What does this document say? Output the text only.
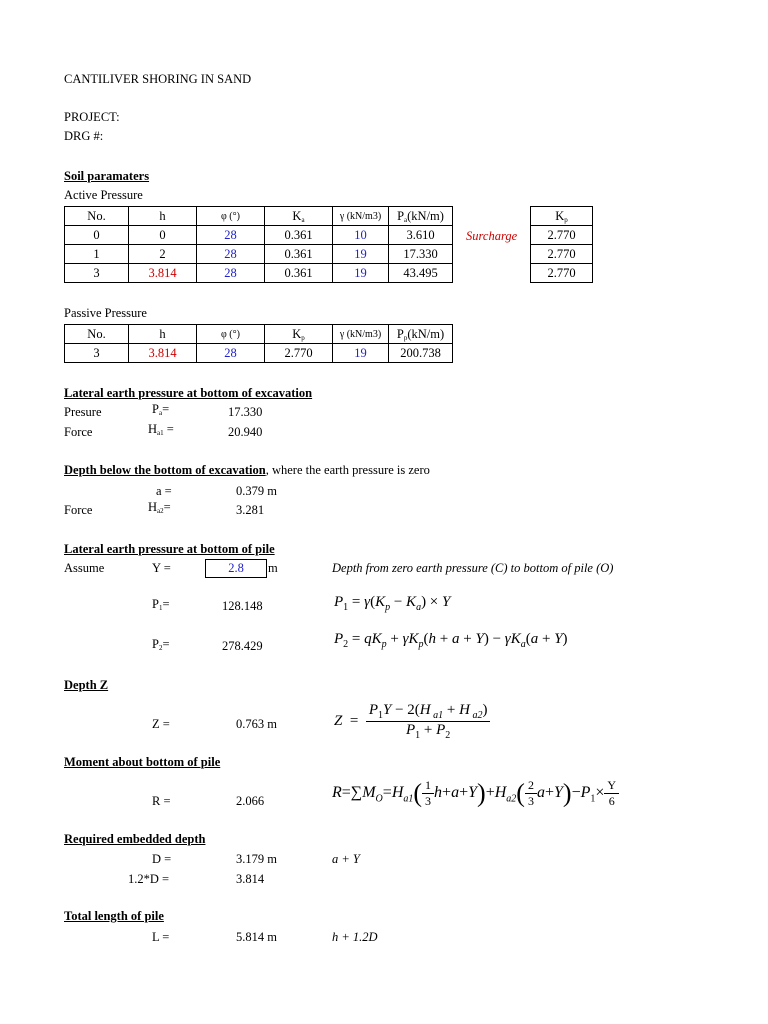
CANTILIVER SHORING IN SAND
PROJECT:
DRG #:
Soil paramaters
Active Pressure
No.	h	φ (°)	$K_a$	γ (kN/m3)	$P_a(kN/m)$
0	0	28	0.361	10	3.610
1	2	28	0.361	19	17.330
3	3.814	28	0.361	19	43.495
Surcharge
$K_p$
2.770
2.770
2.770
Passive Pressure
No.	h	φ (°)	$K_p$	γ (kN/m3)	$P_p(kN/m)$
3	3.814	28	2.770	19	200.738
Lateral earth pressure at bottom of excavation
Presure	$P_a=$	17.330
Force	$H_{a1}$ =	20.940
Depth below the bottom of excavation, where the earth pressure is zero
a =	0.379 m
Force	$H_{a2}=$	3.281
Lateral earth pressure at bottom of pile
Assume	Y =	2.8	m	Depth from zero earth pressure (C) to bottom of pile (O)
$P_1=$	128.148	$P_1 = \gamma(K_p - K_a) \times Y$
$P_2=$	278.429	$P_2 = qK_p + \gamma K_p(h + a + Y) - \gamma K_a(a + Y)$
Depth Z
Z =	0.763 m	$Z = \frac{P_1Y - 2(H _{a1} + H _{a2})}{P_1 + P_2}$
Moment about bottom of pile
R =	2.066	$R=\sum M_O=H_{a1}( \frac{1}{3} h+a+Y)+H_{a2}( \frac{2}{3} a+Y)-P_1\times \frac{Y}{6}$
Required embedded depth
D =	3.179 m	a + Y
1.2*D =	3.814
Total length of pile
L =	5.814 m	h + 1.2D
